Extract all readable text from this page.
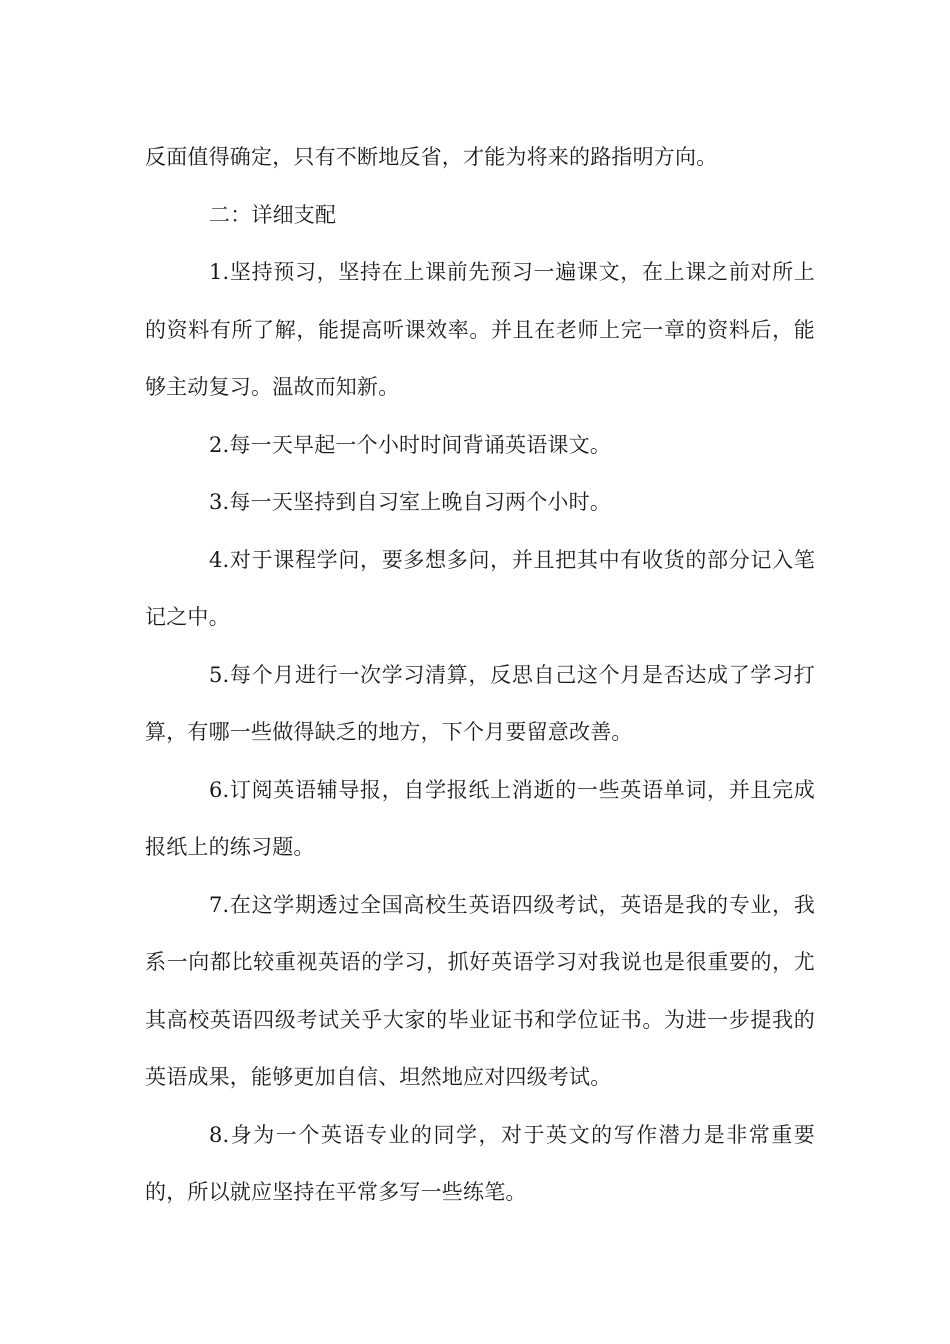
反面值得确定，只有不断地反省，才能为将来的路指明方向。

二：详细支配

1.坚持预习，坚持在上课前先预习一遍课文，在上课之前对所上的资料有所了解，能提高听课效率。并且在老师上完一章的资料后，能够主动复习。温故而知新。

2.每一天早起一个小时时间背诵英语课文。

3.每一天坚持到自习室上晚自习两个小时。

4.对于课程学问，要多想多问，并且把其中有收货的部分记入笔记之中。

5.每个月进行一次学习清算，反思自己这个月是否达成了学习打算，有哪一些做得缺乏的地方，下个月要留意改善。

6.订阅英语辅导报，自学报纸上消逝的一些英语单词，并且完成报纸上的练习题。

7.在这学期透过全国高校生英语四级考试，英语是我的专业，我系一向都比较重视英语的学习，抓好英语学习对我说也是很重要的，尤其高校英语四级考试关乎大家的毕业证书和学位证书。为进一步提我的英语成果，能够更加自信、坦然地应对四级考试。

8.身为一个英语专业的同学，对于英文的写作潜力是非常重要的，所以就应坚持在平常多写一些练笔。
